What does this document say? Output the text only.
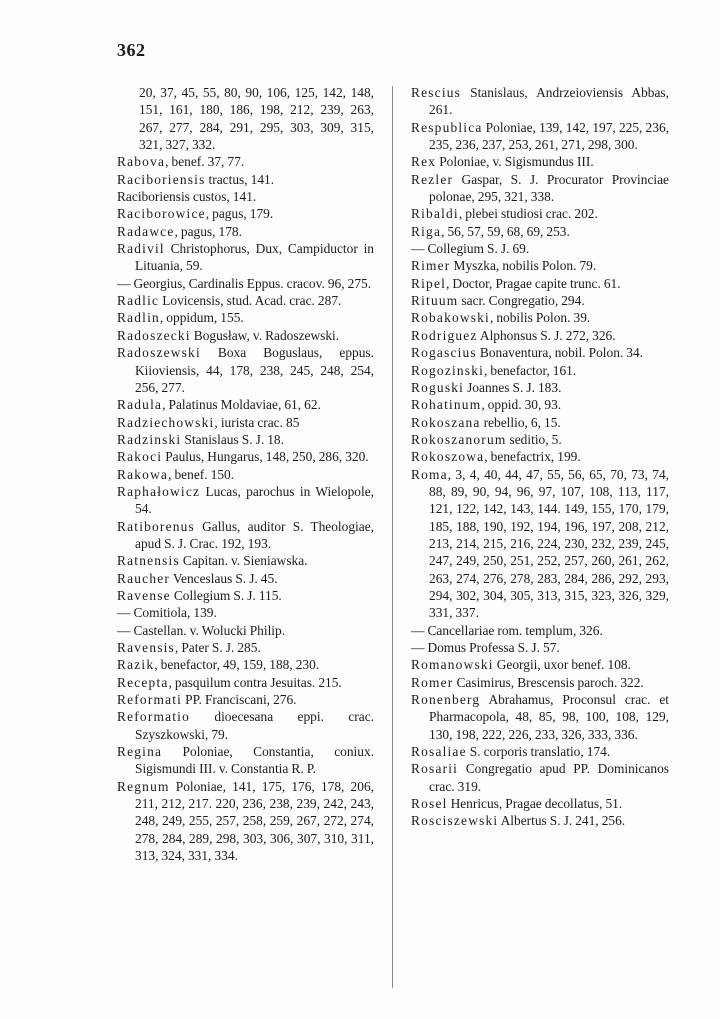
362
20, 37, 45, 55, 80, 90, 106, 125, 142, 148, 151, 161, 180, 186, 198, 212, 239, 263, 267, 277, 284, 291, 295, 303, 309, 315, 321, 327, 332.
Rabova, benef. 37, 77.
Raciboriensis tractus, 141.
Raciboriensis custos, 141.
Raciborowice, pagus, 179.
Radawce, pagus, 178.
Radivil Christophorus, Dux, Campiductor in Lituania, 59.
— Georgius, Cardinalis Eppus. cracov. 96, 275.
Radlic Lovicensis, stud. Acad. crac. 287.
Radlin, oppidum, 155.
Radoszecki Bogusław, v. Radoszewski.
Radoszewski Boxa Boguslaus, eppus. Kiioviensis, 44, 178, 238, 245, 248, 254, 256, 277.
Radula, Palatinus Moldaviae, 61, 62.
Radziechowski, iurista crac. 85
Radzinski Stanislaus S. J. 18.
Rakoci Paulus, Hungarus, 148, 250, 286, 320.
Rakowa, benef. 150.
Raphałowicz Lucas, parochus in Wielopole, 54.
Ratiborenus Gallus, auditor S. Theologiae, apud S. J. Crac. 192, 193.
Ratnensis Capitan. v. Sieniawska.
Raucher Venceslaus S. J. 45.
Ravense Collegium S. J. 115.
— Comitiola, 139.
— Castellan. v. Wolucki Philip.
Ravensis, Pater S. J. 285.
Razik, benefactor, 49, 159, 188, 230.
Recepta, pasquilum contra Jesuitas. 215.
Reformati PP. Franciscani, 276.
Reformatio dioecesana eppi. crac. Szyszkowski, 79.
Regina Poloniae, Constantia, coniux. Sigismundi III. v. Constantia R. P.
Regnum Poloniae, 141, 175, 176, 178, 206, 211, 212, 217. 220, 236, 238, 239, 242, 243, 248, 249, 255, 257, 258, 259, 267, 272, 274, 278, 284, 289, 298, 303, 306, 307, 310, 311, 313, 324, 331, 334.
Rescius Stanislaus, Andrzeioviensis Abbas, 261.
Respublica Poloniae, 139, 142, 197, 225, 236, 235, 236, 237, 253, 261, 271, 298, 300.
Rex Poloniae, v. Sigismundus III.
Rezler Gaspar, S. J. Procurator Provinciae polonae, 295, 321, 338.
Ribaldi, plebei studiosi crac. 202.
Riga, 56, 57, 59, 68, 69, 253.
— Collegium S. J. 69.
Rimer Myszka, nobilis Polon. 79.
Ripel, Doctor, Pragae capite trunc. 61.
Rituum sacr. Congregatio, 294.
Robakowski, nobilis Polon. 39.
Rodriguez Alphonsus S. J. 272, 326.
Rogascius Bonaventura, nobil. Polon. 34.
Rogozinski, benefactor, 161.
Roguski Joannes S. J. 183.
Rohatinum, oppid. 30, 93.
Rokoszana rebellio, 6, 15.
Rokoszanorum seditio, 5.
Rokoszowa, benefactrix, 199.
Roma, 3, 4, 40, 44, 47, 55, 56, 65, 70, 73, 74, 88, 89, 90, 94, 96, 97, 107, 108, 113, 117, 121, 122, 142, 143, 144. 149, 155, 170, 179, 185, 188, 190, 192, 194, 196, 197, 208, 212, 213, 214, 215, 216, 224, 230, 232, 239, 245, 247, 249, 250, 251, 252, 257, 260, 261, 262, 263, 274, 276, 278, 283, 284, 286, 292, 293, 294, 302, 304, 305, 313, 315, 323, 326, 329, 331, 337.
— Cancellariae rom. templum, 326.
— Domus Professa S. J. 57.
Romanowski Georgii, uxor benef. 108.
Romer Casimirus, Brescensis paroch. 322.
Ronenberg Abrahamus, Proconsul crac. et Pharmacopola, 48, 85, 98, 100, 108, 129, 130, 198, 222, 226, 233, 326, 333, 336.
Rosaliae S. corporis translatio, 174.
Rosarii Congregatio apud PP. Dominicanos crac. 319.
Rosel Henricus, Pragae decollatus, 51.
Rosciszewski Albertus S. J. 241, 256.
